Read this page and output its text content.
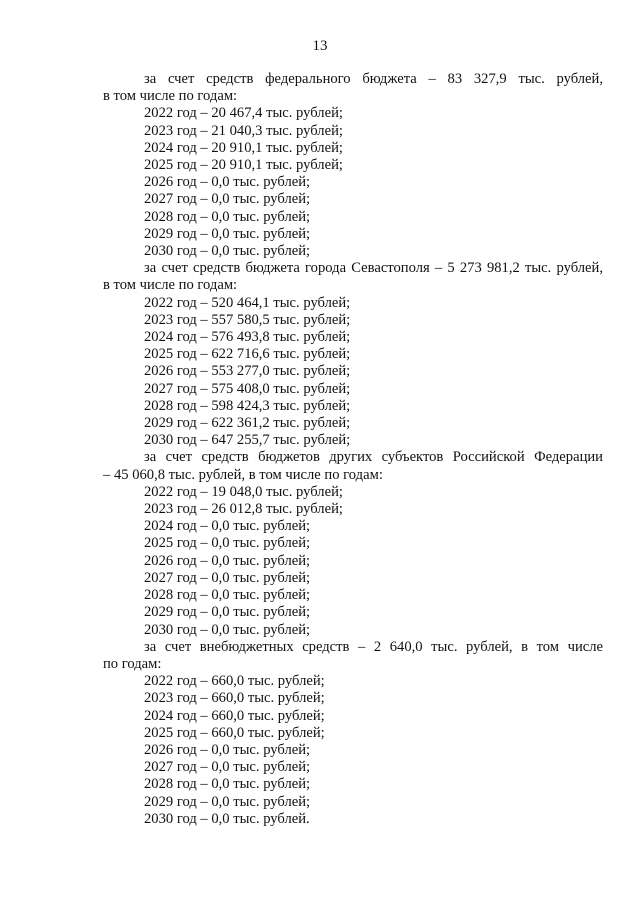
13
за счет средств федерального бюджета – 83 327,9 тыс. рублей,
в том числе по годам:
2022 год – 20 467,4 тыс. рублей;
2023 год – 21 040,3 тыс. рублей;
2024 год – 20 910,1 тыс. рублей;
2025 год – 20 910,1 тыс. рублей;
2026 год – 0,0 тыс. рублей;
2027 год – 0,0 тыс. рублей;
2028 год – 0,0 тыс. рублей;
2029 год – 0,0 тыс. рублей;
2030 год – 0,0 тыс. рублей;
за счет средств бюджета города Севастополя – 5 273 981,2 тыс. рублей,
в том числе по годам:
2022 год – 520 464,1 тыс. рублей;
2023 год – 557 580,5 тыс. рублей;
2024 год – 576 493,8 тыс. рублей;
2025 год – 622 716,6 тыс. рублей;
2026 год – 553 277,0 тыс. рублей;
2027 год – 575 408,0 тыс. рублей;
2028 год – 598 424,3 тыс. рублей;
2029 год – 622 361,2 тыс. рублей;
2030 год – 647 255,7 тыс. рублей;
за счет средств бюджетов других субъектов Российской Федерации
– 45 060,8 тыс. рублей, в том числе по годам:
2022 год – 19 048,0 тыс. рублей;
2023 год – 26 012,8 тыс. рублей;
2024 год – 0,0 тыс. рублей;
2025 год – 0,0 тыс. рублей;
2026 год – 0,0 тыс. рублей;
2027 год – 0,0 тыс. рублей;
2028 год – 0,0 тыс. рублей;
2029 год – 0,0 тыс. рублей;
2030 год – 0,0 тыс. рублей;
за счет внебюджетных средств – 2 640,0 тыс. рублей, в том числе
по годам:
2022 год – 660,0 тыс. рублей;
2023 год – 660,0 тыс. рублей;
2024 год – 660,0 тыс. рублей;
2025 год – 660,0 тыс. рублей;
2026 год – 0,0 тыс. рублей;
2027 год – 0,0 тыс. рублей;
2028 год – 0,0 тыс. рублей;
2029 год – 0,0 тыс. рублей;
2030 год – 0,0 тыс. рублей.
